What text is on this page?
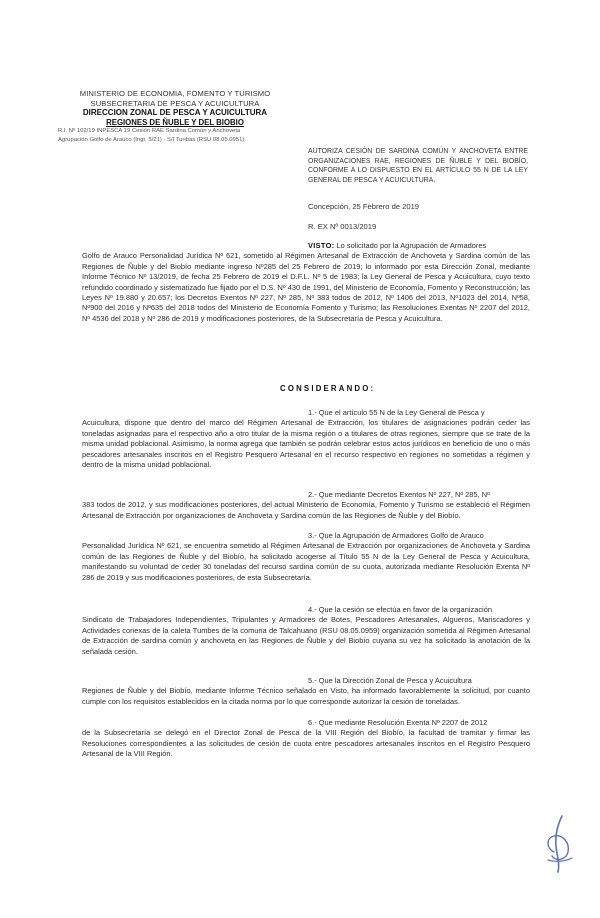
MINISTERIO DE ECONOMIA, FOMENTO Y TURISMO
SUBSECRETARIA DE PESCA Y ACUICULTURA
DIRECCION ZONAL DE PESCA Y ACUICULTURA
REGIONES DE ÑUBLE Y DEL BIOBIO
R.I. Nº 102/19 INPESCA 19 Cesión RAE Sardina Común y Anchoveta
Agrupación Golfo de Arauco (Ingr. 5/21) · S/I Turibas (RSU 08.05.0951)
AUTORIZA CESIÓN DE SARDINA COMÚN Y ANCHOVETA ENTRE ORGANIZACIONES RAE, REGIONES DE ÑUBLE Y DEL BIOBÍO, CONFORME A LO DISPUESTO EN EL ARTÍCULO 55 N DE LA LEY GENERAL DE PESCA Y ACUICULTURA.
Concepción, 25 Febrero de 2019
R. EX Nº 0013/2019

VISTO: Lo solicitado por la Agrupación de Armadores
Golfo de Arauco Personalidad Jurídica Nº 621, sometido al Régimen Artesanal de Extracción de Anchoveta y Sardina común de las Regiones de Ñuble y del Biobío mediante ingreso Nº285 del 25 Febrero de 2019; lo informado por esta Dirección Zonal, mediante Informe Técnico Nº 13/2019, de fecha 25 Febrero de 2019 el D.F.L. Nº 5 de 1983; la Ley General de Pesca y Acuicultura, cuyo texto refundido coordinado y sistematizado fue fijado por el D.S. Nº 430 de 1991, del Ministerio de Economía, Fomento y Reconstrucción; las Leyes Nº 19.880 y 20.657; los Decretos Exentos Nº 227, Nº 285, Nº 383 todos de 2012, Nº 1406 del 2013, Nº1023 del 2014, Nº58, Nº900 del 2016 y Nº635 del 2018 todos del Ministerio de Economía Fomento y Turismo; las Resoluciones Exentas Nº 2207 del 2012, Nº 4536 del 2018 y Nº 286 de 2019 y modificaciones posteriores, de la Subsecretaría de Pesca y Acuicultura.

CONSIDERANDO:

1.- Que el artículo 55 N de la Ley General de Pesca y
Acuicultura, dispone que dentro del marco del Régimen Artesanal de Extracción, los titulares de asignaciones podrán ceder las toneladas asignadas para el respectivo año a otro titular de la misma región o a titulares de otras regiones, siempre que se trate de la misma unidad poblacional. Asimismo, la norma agrega que también se podrán celebrar estos actos jurídicos en beneficio de uno o más pescadores artesanales inscritos en el Registro Pesquero Artesanal en el recurso respectivo en regiones no sometidas a régimen y dentro de la misma unidad poblacional.

2.- Que mediante Decretos Exentos Nº 227, Nº 285, Nº
383 todos de 2012, y sus modificaciones posteriores, del actual Ministerio de Economía, Fomento y Turismo se estableció el Régimen Artesanal de Extracción por organizaciones de Anchoveta y Sardina común de las Regiones de Ñuble y del Biobío.

3.- Que la Agrupación de Armadores Golfo de Arauco
Personalidad Jurídica Nº 621, se encuentra sometido al Régimen Artesanal de Extracción por organizaciones de Anchoveta y Sardina común de las Regiones de Ñuble y del Biobío, ha solicitado acogerse al Título 55 N de la Ley General de Pesca y Acuicultura, manifestando su voluntad de ceder 30 toneladas del recurso sardina común de su cuota, autorizada mediante Resolución Exenta Nº 286 de 2019 y sus modificaciones posteriores, de esta Subsecretaría.

4.- Que la cesión se efectúa en favor de la organización
Sindicato de Trabajadores Independientes, Tripulantes y Armadores de Botes, Pescadores Artesanales, Algueros, Mariscadores y Actividades conexas de la caleta Tumbes de la comuna de Talcahuano (RSU 08.05.0959) organización sometida al Régimen Artesanal de Extracción de sardina común y anchoveta en las Regiones de Ñuble y del Biobío cuyana su vez ha solicitado la anotación de la señalada cesión.

5.- Que la Dirección Zonal de Pesca y Acuicultura
Regiones de Ñuble y del Biobío, mediante Informe Técnico señalado en Visto, ha informado favorablemente la solicitud, por cuanto cumple con los requisitos establecidos en la citada norma por lo que corresponde autorizar la cesión de toneladas.

6.- Que mediante Resolución Exenta Nº 2207 de 2012
de la Subsecretaría se delegó en el Director Zonal de Pesca de la VIII Región del Biobío, la facultad de tramitar y firmar las Resoluciones correspondientes a las solicitudes de cesión de cuota entre pescadores artesanales inscritos en el Registro Pesquero Artesanal de la VIII Región.
